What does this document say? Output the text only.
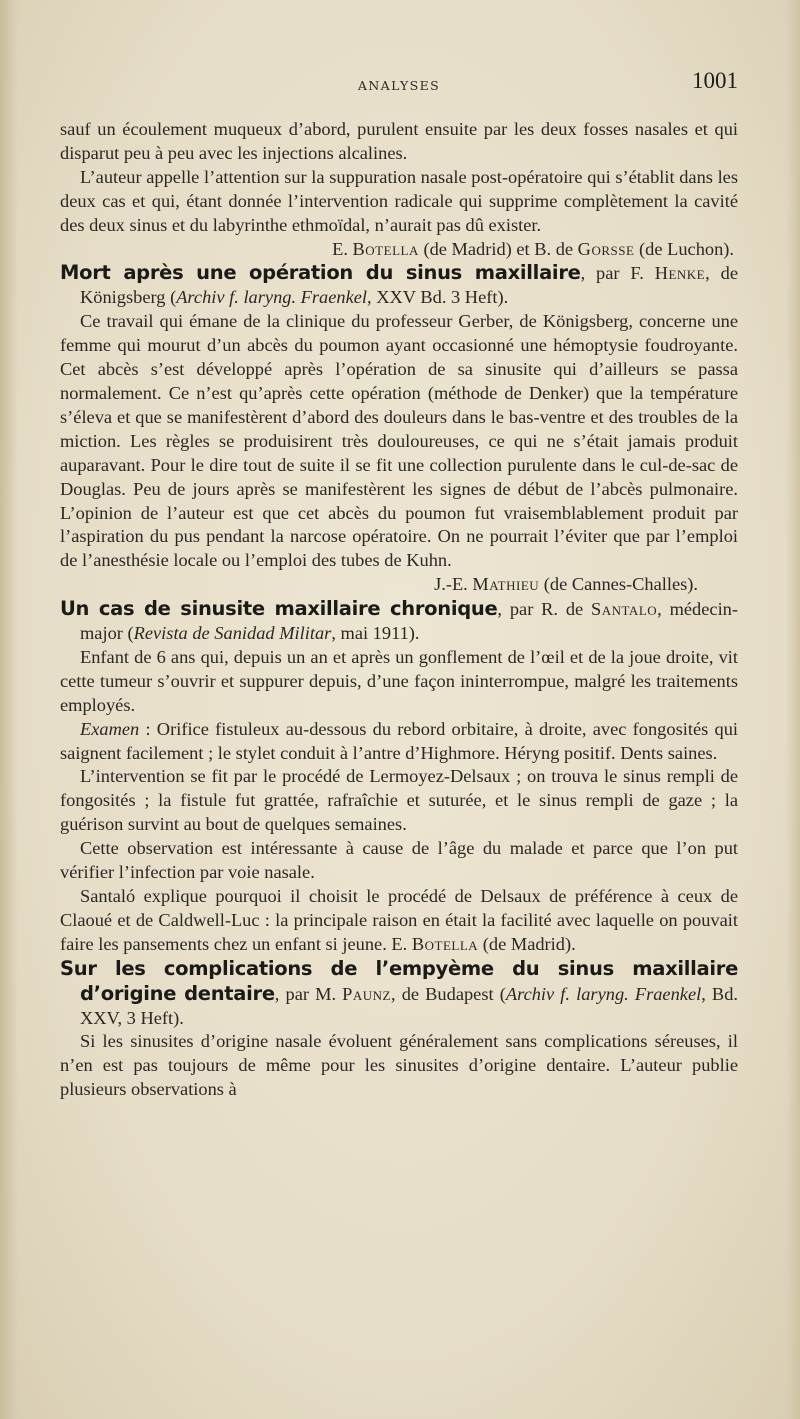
ANALYSES	1001

sauf un écoulement muqueux d’abord, purulent ensuite par les deux fosses nasales et qui disparut peu à peu avec les injections alcalines.

L’auteur appelle l’attention sur la suppuration nasale post-opératoire qui s’établit dans les deux cas et qui, étant donnée l’intervention radicale qui supprime complètement la cavité des deux sinus et du labyrinthe ethmoïdal, n’aurait pas dû exister.

E. Botella (de Madrid) et B. de Gorsse (de Luchon).

Mort après une opération du sinus maxillaire, par F. Henke, de Königsberg (Archiv f. laryng. Fraenkel, XXV Bd. 3 Heft).

Ce travail qui émane de la clinique du professeur Gerber, de Königsberg, concerne une femme qui mourut d’un abcès du poumon ayant occasionné une hémoptysie foudroyante. Cet abcès s’est développé après l’opération de sa sinusite qui d’ailleurs se passa normalement. Ce n’est qu’après cette opération (méthode de Denker) que la température s’éleva et que se manifestèrent d’abord des douleurs dans le bas-ventre et des troubles de la miction. Les règles se produisirent très douloureuses, ce qui ne s’était jamais produit auparavant. Pour le dire tout de suite il se fit une collection purulente dans le cul-de-sac de Douglas. Peu de jours après se manifestèrent les signes de début de l’abcès pulmonaire. L’opinion de l’auteur est que cet abcès du poumon fut vraisemblablement produit par l’aspiration du pus pendant la narcose opératoire. On ne pourrait l’éviter que par l’emploi de l’anesthésie locale ou l’emploi des tubes de Kuhn.

J.-E. Mathieu (de Cannes-Challes).

Un cas de sinusite maxillaire chronique, par R. de Santalo, médecin-major (Revista de Sanidad Militar, mai 1911).

Enfant de 6 ans qui, depuis un an et après un gonflement de l’œil et de la joue droite, vit cette tumeur s’ouvrir et suppurer depuis, d’une façon ininterrompue, malgré les traitements employés.

Examen : Orifice fistuleux au-dessous du rebord orbitaire, à droite, avec fongosités qui saignent facilement ; le stylet conduit à l’antre d’Highmore. Héryng positif. Dents saines.

L’intervention se fit par le procédé de Lermoyez-Delsaux ; on trouva le sinus rempli de fongosités ; la fistule fut grattée, rafraîchie et suturée, et le sinus rempli de gaze ; la guérison survint au bout de quelques semaines.

Cette observation est intéressante à cause de l’âge du malade et parce que l’on put vérifier l’infection par voie nasale.

Santaló explique pourquoi il choisit le procédé de Delsaux de préférence à ceux de Claoué et de Caldwell-Luc : la principale raison en était la facilité avec laquelle on pouvait faire les pansements chez un enfant si jeune. E. Botella (de Madrid).

Sur les complications de l’empyème du sinus maxillaire d’origine dentaire, par M. Paunz, de Budapest (Archiv f. laryng. Fraenkel, Bd. XXV, 3 Heft).

Si les sinusites d’origine nasale évoluent généralement sans complications séreuses, il n’en est pas toujours de même pour les sinusites d’origine dentaire. L’auteur publie plusieurs observations à
